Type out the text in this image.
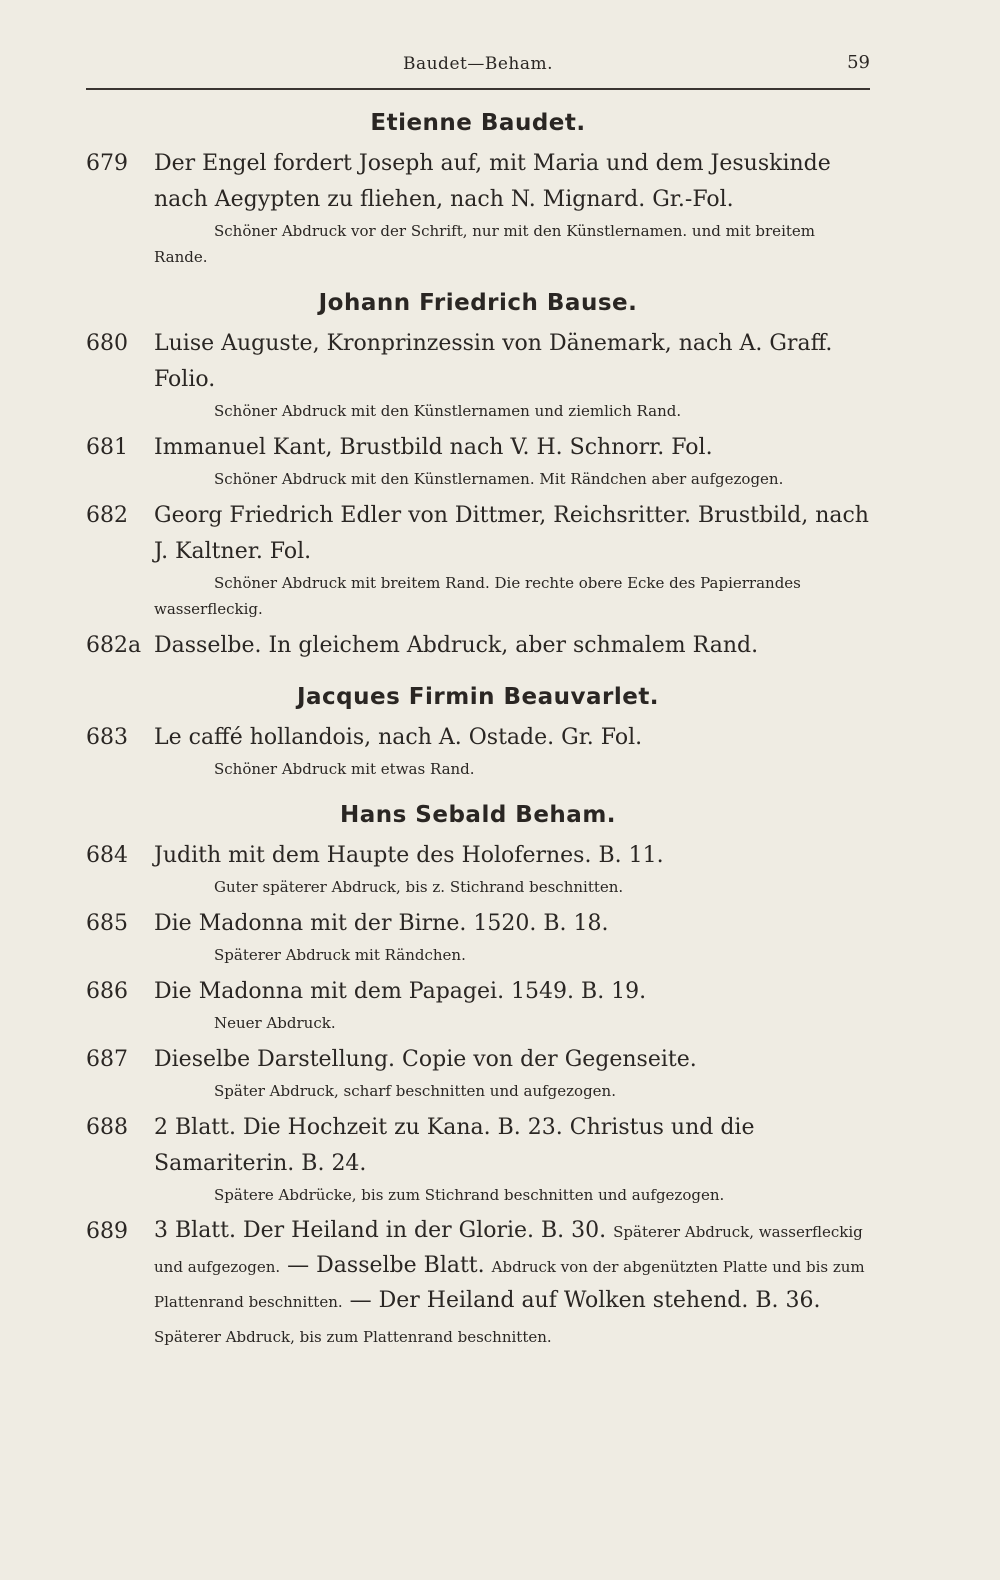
Baudet—Beham.	59
Etienne Baudet.
679	Der Engel fordert Joseph auf, mit Maria und dem Jesuskinde nach Aegypten zu fliehen, nach N. Mignard. Gr.-Fol.
Schöner Abdruck vor der Schrift, nur mit den Künstlernamen. und mit breitem Rande.
Johann Friedrich Bause.
680	Luise Auguste, Kronprinzessin von Dänemark, nach A. Graff. Folio.
Schöner Abdruck mit den Künstlernamen und ziemlich Rand.
681	Immanuel Kant, Brustbild nach V. H. Schnorr. Fol.
Schöner Abdruck mit den Künstlernamen. Mit Rändchen aber aufgezogen.
682	Georg Friedrich Edler von Dittmer, Reichsritter. Brustbild, nach J. Kaltner. Fol.
Schöner Abdruck mit breitem Rand. Die rechte obere Ecke des Papierrandes wasserfleckig.
682a Dasselbe. In gleichem Abdruck, aber schmalem Rand.
Jacques Firmin Beauvarlet.
683	Le caffé hollandois, nach A. Ostade. Gr. Fol.
Schöner Abdruck mit etwas Rand.
Hans Sebald Beham.
684	Judith mit dem Haupte des Holofernes. B. 11.
Guter späterer Abdruck, bis z. Stichrand beschnitten.
685	Die Madonna mit der Birne. 1520. B. 18.
Späterer Abdruck mit Rändchen.
686	Die Madonna mit dem Papagei. 1549. B. 19.
Neuer Abdruck.
687	Dieselbe Darstellung. Copie von der Gegenseite.
Später Abdruck, scharf beschnitten und aufgezogen.
688	2 Blatt. Die Hochzeit zu Kana. B. 23. Christus und die Samariterin. B. 24.
Spätere Abdrücke, bis zum Stichrand beschnitten und aufgezogen.
689	3 Blatt. Der Heiland in der Glorie. B. 30. Späterer Abdruck, wasserfleckig und aufgezogen. — Dasselbe Blatt. Abdruck von der abgenützten Platte und bis zum Plattenrand beschnitten. — Der Heiland auf Wolken stehend. B. 36. Späterer Abdruck, bis zum Plattenrand beschnitten.
